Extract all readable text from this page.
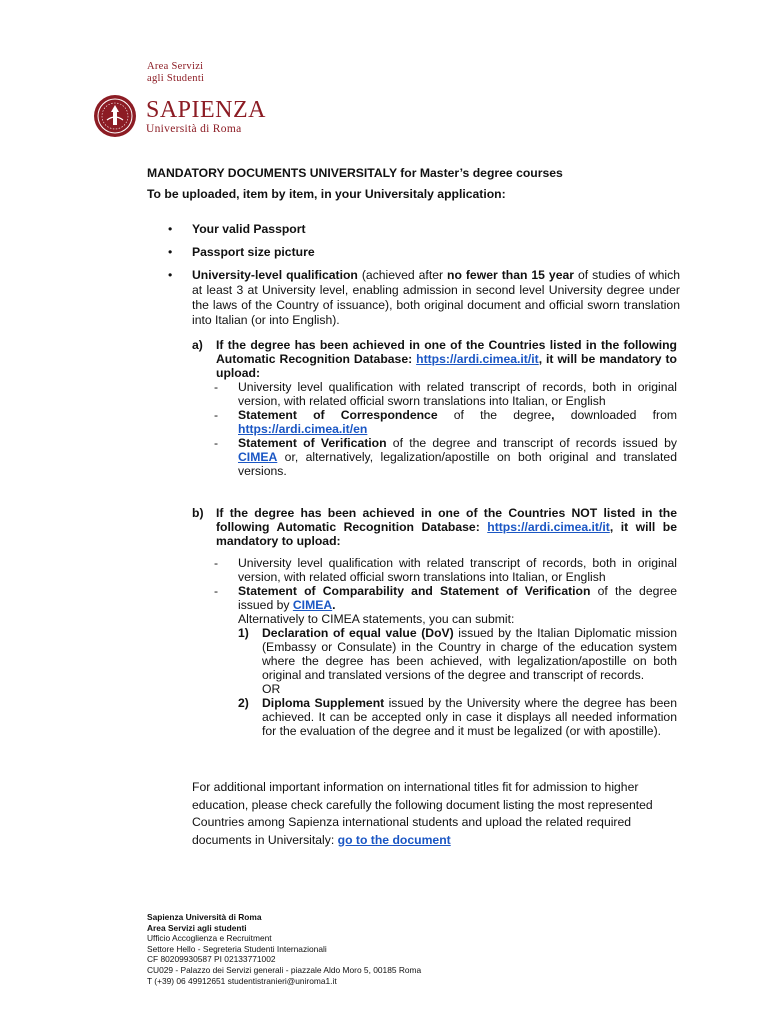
Area Servizi
agli Studenti
SAPIENZA
Università di Roma
MANDATORY DOCUMENTS UNIVERSITALY for Master’s degree courses
To be uploaded, item by item, in your Universitaly application:
• Your valid Passport
• Passport size picture
• University-level qualification (achieved after no fewer than 15 year of studies of which at least 3 at University level, enabling admission in second level University degree under the laws of the Country of issuance), both original document and official sworn translation into Italian (or into English).
a) If the degree has been achieved in one of the Countries listed in the following Automatic Recognition Database: https://ardi.cimea.it/it, it will be mandatory to upload:
- University level qualification with related transcript of records, both in original version, with related official sworn translations into Italian, or English
- Statement of Correspondence of the degree, downloaded from https://ardi.cimea.it/en
- Statement of Verification of the degree and transcript of records issued by CIMEA or, alternatively, legalization/apostille on both original and translated versions.
b) If the degree has been achieved in one of the Countries NOT listed in the following Automatic Recognition Database: https://ardi.cimea.it/it, it will be mandatory to upload:
- University level qualification with related transcript of records, both in original version, with related official sworn translations into Italian, or English
- Statement of Comparability and Statement of Verification of the degree issued by CIMEA.
Alternatively to CIMEA statements, you can submit:
1) Declaration of equal value (DoV) issued by the Italian Diplomatic mission (Embassy or Consulate) in the Country in charge of the education system where the degree has been achieved, with legalization/apostille on both original and translated versions of the degree and transcript of records.
OR
2) Diploma Supplement issued by the University where the degree has been achieved. It can be accepted only in case it displays all needed information for the evaluation of the degree and it must be legalized (or with apostille).
For additional important information on international titles fit for admission to higher education, please check carefully the following document listing the most represented Countries among Sapienza international students and upload the related required documents in Universitaly: go to the document
Sapienza Università di Roma
Area Servizi agli studenti
Ufficio Accoglienza e Recruitment
Settore Hello - Segreteria Studenti Internazionali
CF 80209930587 PI 02133771002
CU029 - Palazzo dei Servizi generali - piazzale Aldo Moro 5, 00185 Roma
T (+39) 06 49912651 studentistranieri@uniroma1.it
